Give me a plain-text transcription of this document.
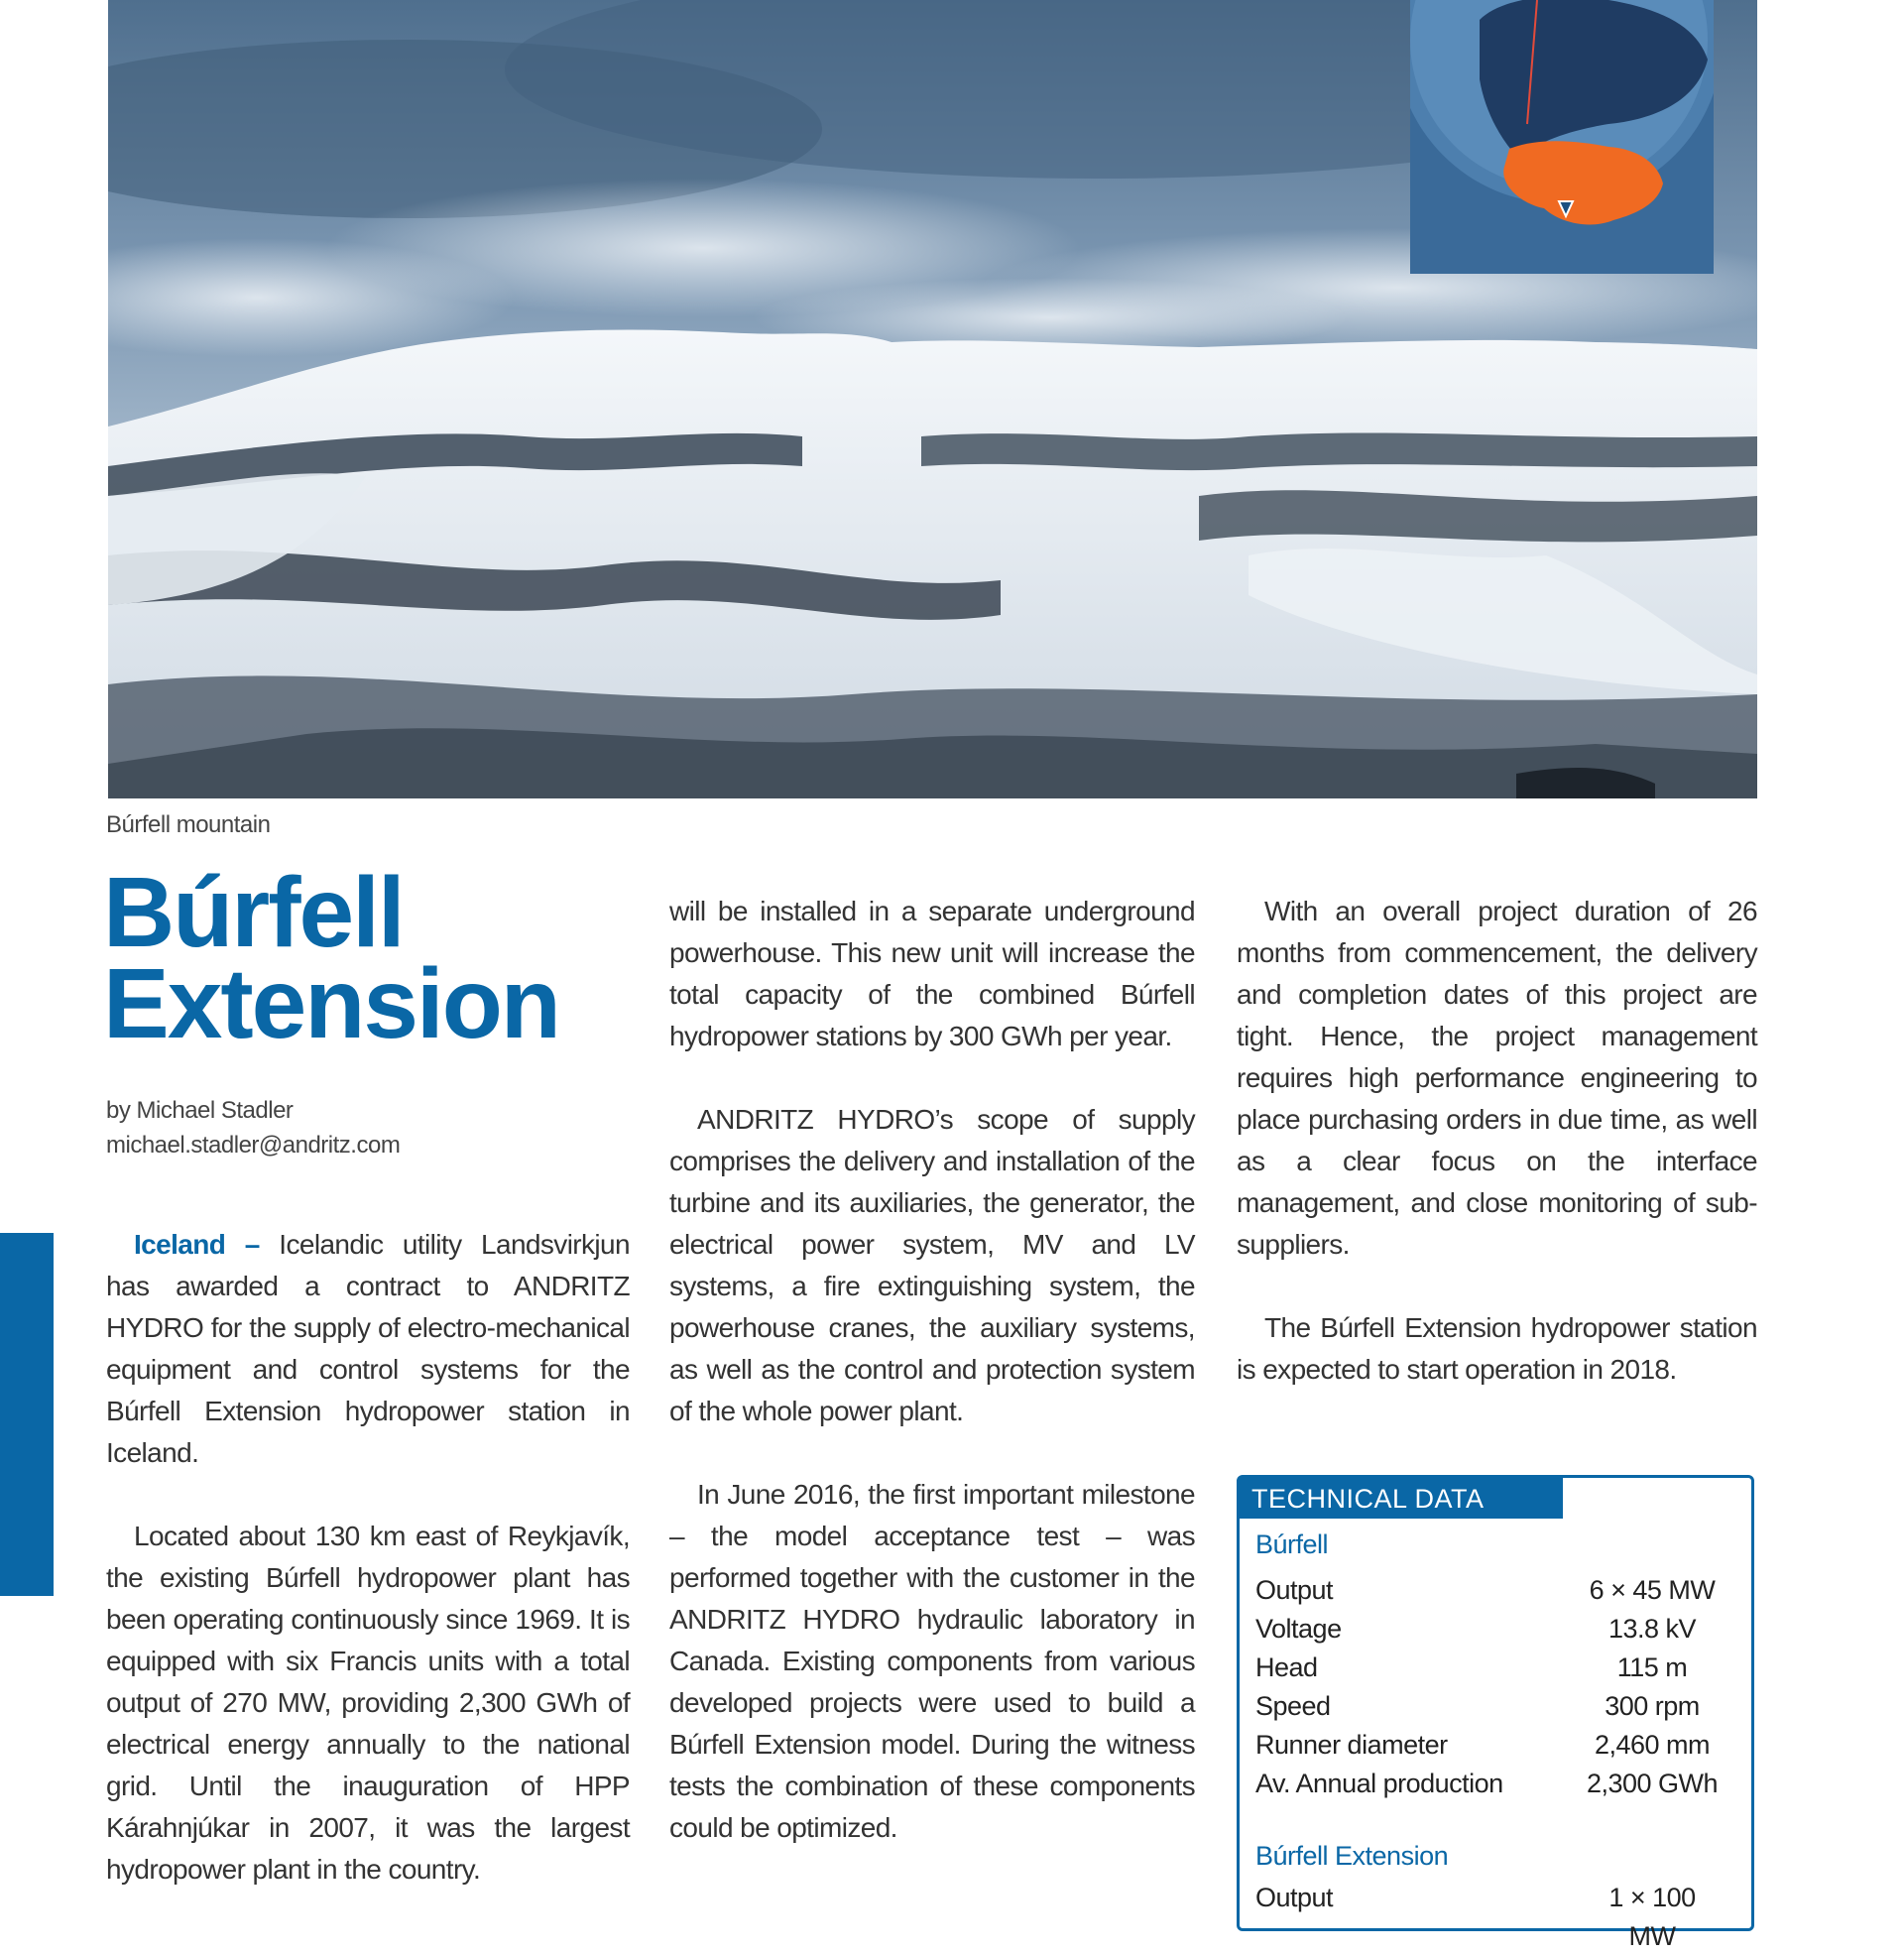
Búrfell mountain
Búrfell
Extension
by Michael Stadler
michael.stadler@andritz.com

Iceland – Icelandic utility Landsvirkjun has awarded a contract to ANDRITZ HYDRO for the supply of electro-mechanical equipment and control systems for the Búrfell Extension hydropower station in Iceland.

Located about 130 km east of Reykjavík, the existing Búrfell hydropower plant has been operating continuously since 1969. It is equipped with six Francis units with a total output of 270 MW, providing 2,300 GWh of electrical energy annually to the national grid. Until the inauguration of HPP Kárahnjúkar in 2007, it was the largest hydropower plant in the country.

will be installed in a separate underground powerhouse. This new unit will increase the total capacity of the combined Búrfell hydropower stations by 300 GWh per year.

ANDRITZ HYDRO’s scope of supply comprises the delivery and installation of the turbine and its auxiliaries, the generator, the electrical power system, MV and LV systems, a fire extinguishing system, the powerhouse cranes, the auxiliary systems, as well as the control and protection system of the whole power plant.

In June 2016, the first important milestone – the model acceptance test – was performed together with the customer in the ANDRITZ HYDRO hydraulic laboratory in Canada. Existing components from various developed projects were used to build a Búrfell Extension model. During the witness tests the combination of these components could be optimized.

With an overall project duration of 26 months from commencement, the delivery and completion dates of this project are tight. Hence, the project management requires high performance engineering to place purchasing orders in due time, as well as a clear focus on the interface management, and close monitoring of sub-suppliers.

The Búrfell Extension hydropower station is expected to start operation in 2018.

TECHNICAL DATA
Búrfell
Output	6 × 45 MW
Voltage	13.8 kV
Head	115 m
Speed	300 rpm
Runner diameter	2,460 mm
Av. Annual production	2,300 GWh
Búrfell Extension
Output	1 × 100 MW
